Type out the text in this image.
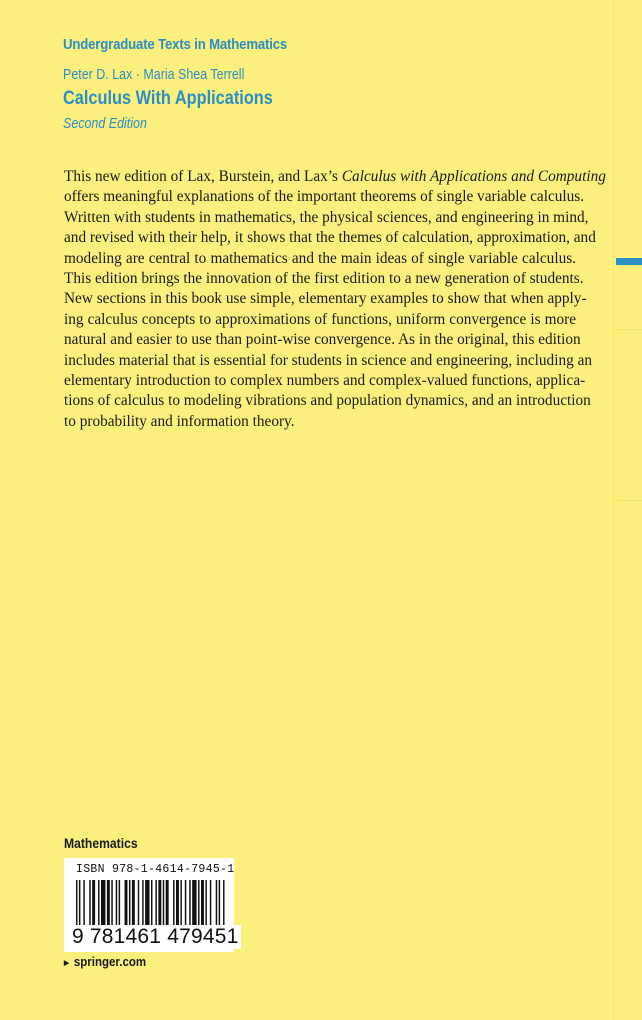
Undergraduate Texts in Mathematics
Peter D. Lax · Maria Shea Terrell
Calculus With Applications
Second Edition
This new edition of Lax, Burstein, and Lax’s Calculus with Applications and Computing
offers meaningful explanations of the important theorems of single variable calculus.
Written with students in mathematics, the physical sciences, and engineering in mind,
and revised with their help, it shows that the themes of calculation, approximation, and
modeling are central to mathematics and the main ideas of single variable calculus.
This edition brings the innovation of the first edition to a new generation of students.
New sections in this book use simple, elementary examples to show that when apply-
ing calculus concepts to approximations of functions, uniform convergence is more
natural and easier to use than point-wise convergence. As in the original, this edition
includes material that is essential for students in science and engineering, including an
elementary introduction to complex numbers and complex-valued functions, applica-
tions of calculus to modeling vibrations and population dynamics, and an introduction
to probability and information theory.
Mathematics
ISBN 978-1-4614-7945-1
9 781461 479451
► springer.com
